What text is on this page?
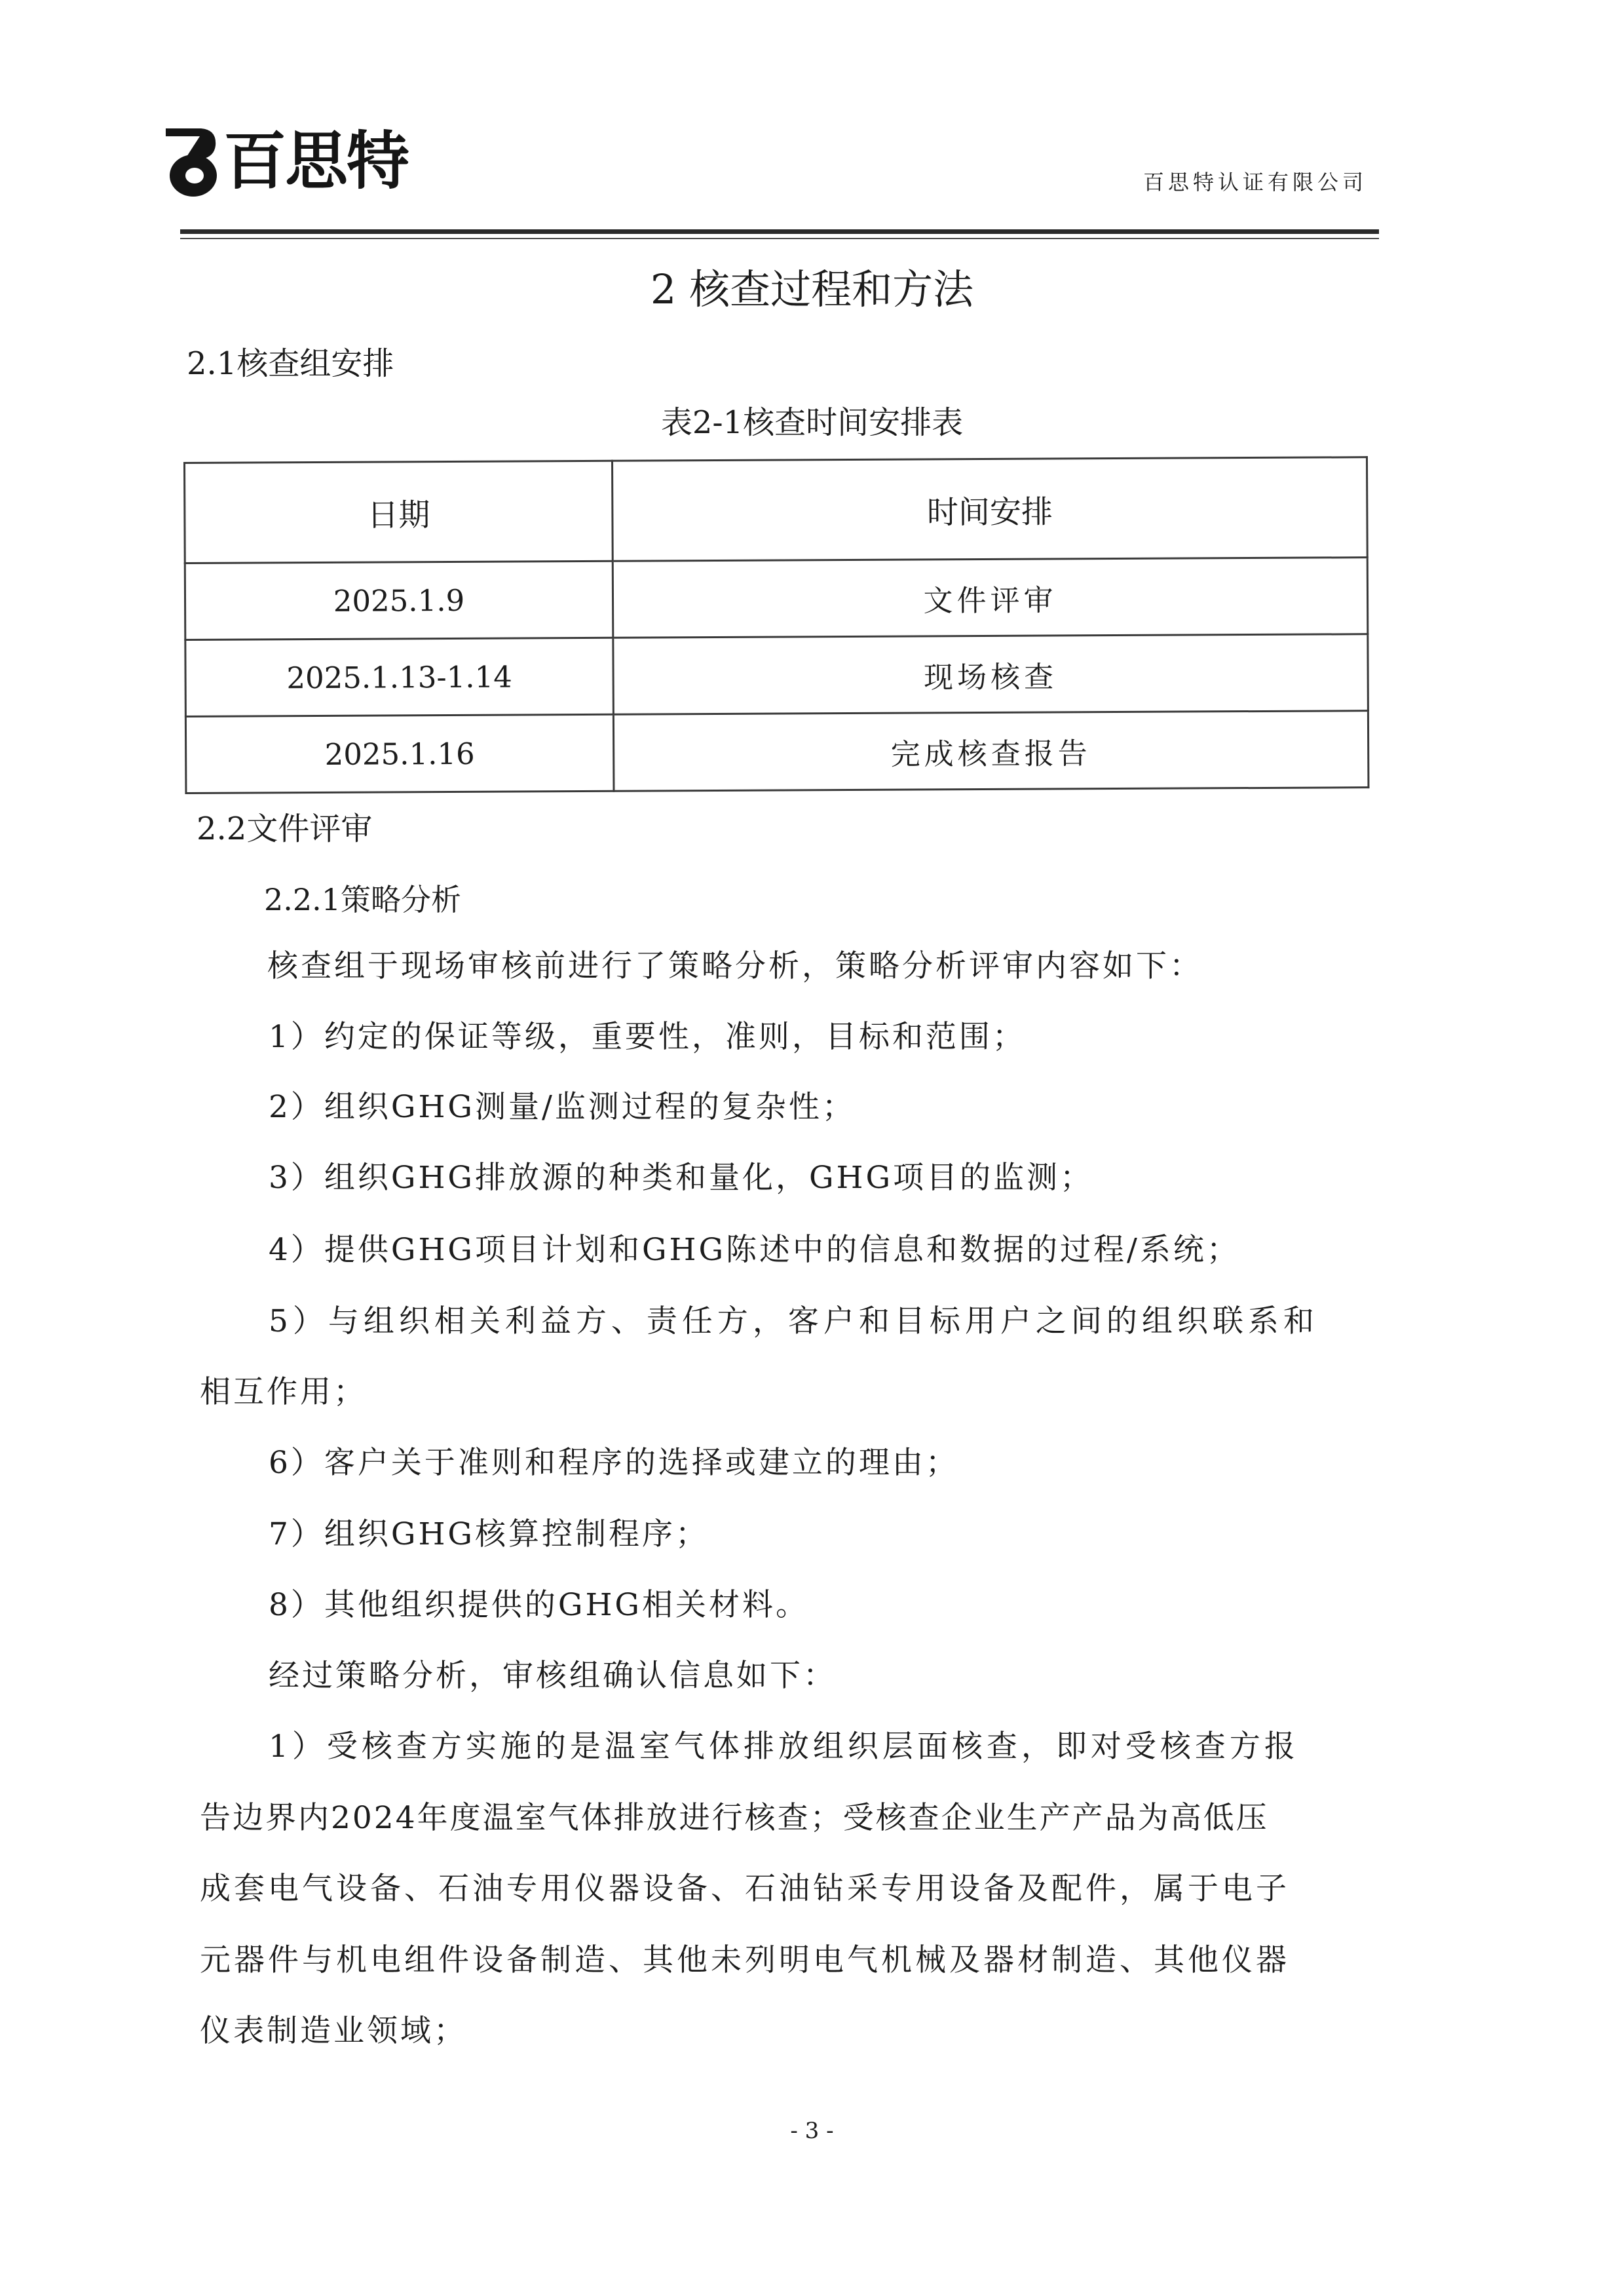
百思特	百思特认证有限公司
2 核查过程和方法
2.1核查组安排
表2-1核查时间安排表
日期	时间安排
2025.1.9	文件评审
2025.1.13-1.14	现场核查
2025.1.16	完成核查报告
2.2文件评审
2.2.1策略分析
核查组于现场审核前进行了策略分析，策略分析评审内容如下：
1）约定的保证等级，重要性，准则，目标和范围；
2）组织GHG测量/监测过程的复杂性；
3）组织GHG排放源的种类和量化，GHG项目的监测；
4）提供GHG项目计划和GHG陈述中的信息和数据的过程/系统；
5）与组织相关利益方、责任方，客户和目标用户之间的组织联系和
相互作用；
6）客户关于准则和程序的选择或建立的理由；
7）组织GHG核算控制程序；
8）其他组织提供的GHG相关材料。
经过策略分析，审核组确认信息如下：
1）受核查方实施的是温室气体排放组织层面核查，即对受核查方报
告边界内2024年度温室气体排放进行核查；受核查企业生产产品为高低压
成套电气设备、石油专用仪器设备、石油钻采专用设备及配件，属于电子
元器件与机电组件设备制造、其他未列明电气机械及器材制造、其他仪器
仪表制造业领域；
- 3 -
